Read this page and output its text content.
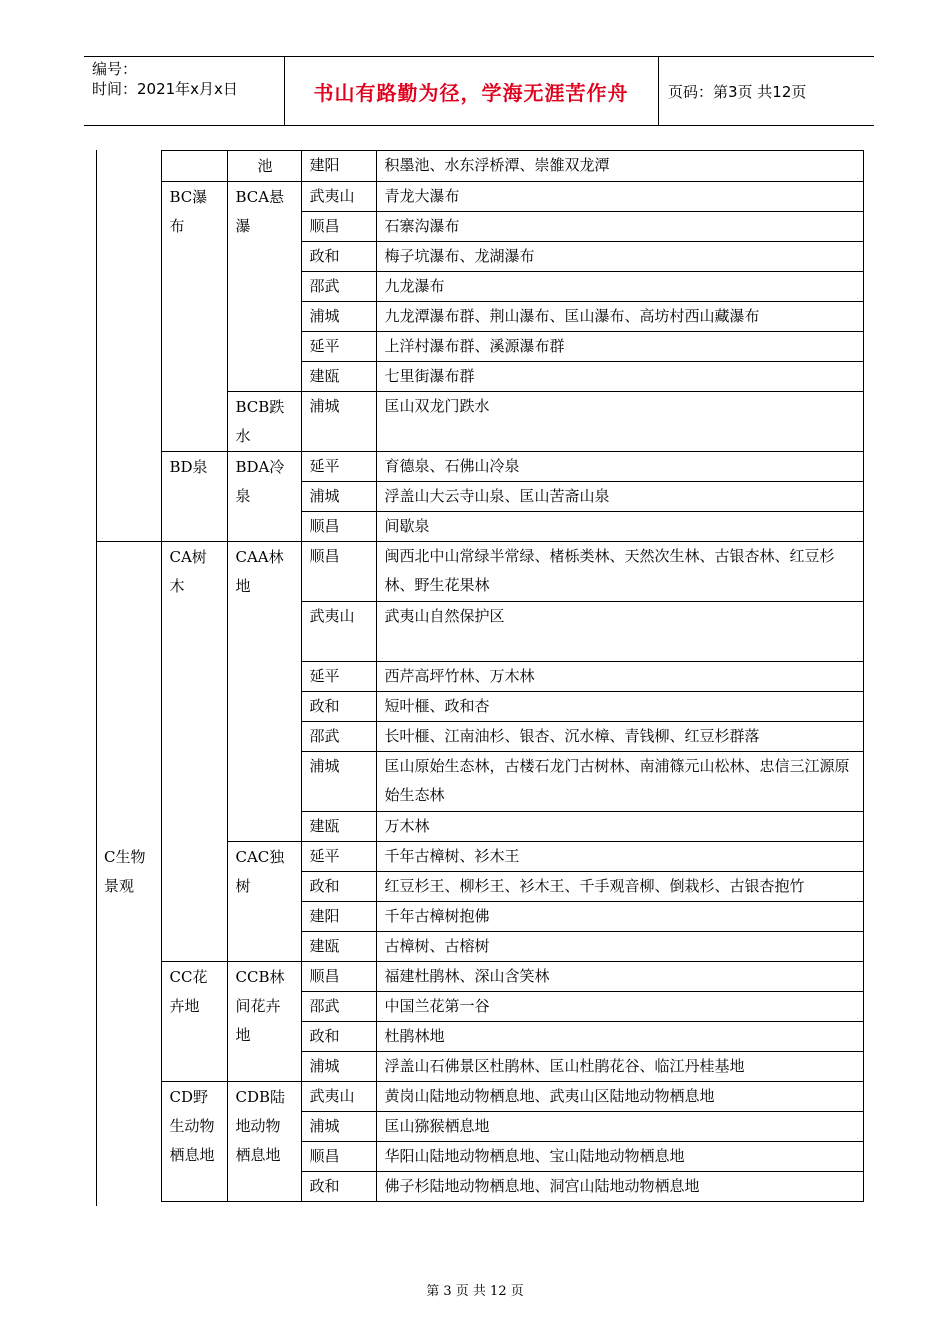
编号：
时间：2021年x月x日	书山有路勤为径，学海无涯苦作舟	页码：第3页 共12页
		池	建阳	积墨池、水东浮桥潭、崇雒双龙潭
	BC瀑布	BCA悬瀑	武夷山	青龙大瀑布
			顺昌	石寨沟瀑布
			政和	梅子坑瀑布、龙湖瀑布
			邵武	九龙瀑布
			浦城	九龙潭瀑布群、荆山瀑布、匡山瀑布、高坊村西山藏瀑布
			延平	上洋村瀑布群、溪源瀑布群
			建瓯	七里街瀑布群
		BCB跌水	浦城	匡山双龙门跌水
	BD泉	BDA冷泉	延平	育德泉、石佛山冷泉
			浦城	浮盖山大云寺山泉、匡山苦斋山泉
			顺昌	间歇泉
C生物景观	CA树木	CAA林地	顺昌	闽西北中山常绿半常绿、楮栎类林、天然次生林、古银杏林、红豆杉林、野生花果林
			武夷山	武夷山自然保护区
			延平	西芹高坪竹林、万木林
			政和	短叶榧、政和杏
			邵武	长叶榧、江南油杉、银杏、沉水樟、青钱柳、红豆杉群落
			浦城	匡山原始生态林，古楼石龙门古树林、南浦篠元山松林、忠信三江源原始生态林
			建瓯	万木林
		CAC独树	延平	千年古樟树、衫木王
			政和	红豆杉王、柳杉王、衫木王、千手观音柳、倒栽杉、古银杏抱竹
			建阳	千年古樟树抱佛
			建瓯	古樟树、古榕树
	CC花卉地	CCB林间花卉地	顺昌	福建杜鹃林、深山含笑林
			邵武	中国兰花第一谷
			政和	杜鹃林地
			浦城	浮盖山石佛景区杜鹃林、匡山杜鹃花谷、临江丹桂基地
	CD野生动物栖息地	CDB陆地动物栖息地	武夷山	黄岗山陆地动物栖息地、武夷山区陆地动物栖息地
			浦城	匡山猕猴栖息地
			顺昌	华阳山陆地动物栖息地、宝山陆地动物栖息地
			政和	佛子杉陆地动物栖息地、洞宫山陆地动物栖息地
第 3 页 共 12 页
